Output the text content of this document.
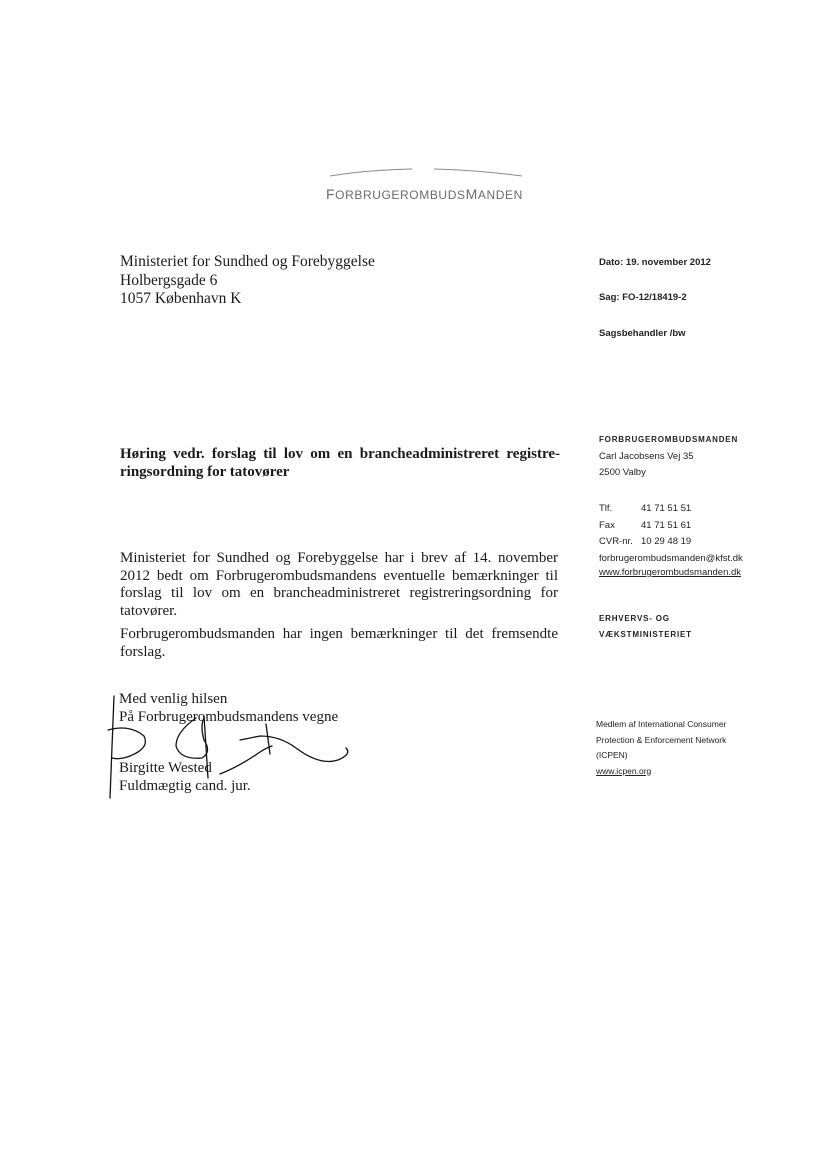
FORBRUGEROMBUDSMANDEN
Ministeriet for Sundhed og Forebyggelse
Holbergsgade 6
1057 København K
Dato: 19. november 2012
Sag: FO-12/18419-2
Sagsbehandler /bw
Høring vedr. forslag til lov om en brancheadministreret registre-ringsordning for tatovører
Ministeriet for Sundhed og Forebyggelse har i brev af 14. november 2012 bedt om Forbrugerombudsmandens eventuelle bemærkninger til forslag til lov om en brancheadministreret registreringsordning for tatovører.
Forbrugerombudsmanden har ingen bemærkninger til det fremsendte forslag.
FORBRUGEROMBUDSMANDEN
Carl Jacobsens Vej 35
2500 Valby
Tlf.	41 71 51 51
Fax	41 71 51 61
CVR-nr. 10 29 48 19
forbrugerombudsmanden@kfst.dk
www.forbrugerombudsmanden.dk
ERHVERVS- OG
VÆKSTMINISTERIET
Medlem af International Consumer
Protection & Enforcement Network
(ICPEN)
www.icpen.org
Med venlig hilsen
På Forbrugerombudsmandens vegne
Birgitte Wested
Fuldmægtig cand. jur.
